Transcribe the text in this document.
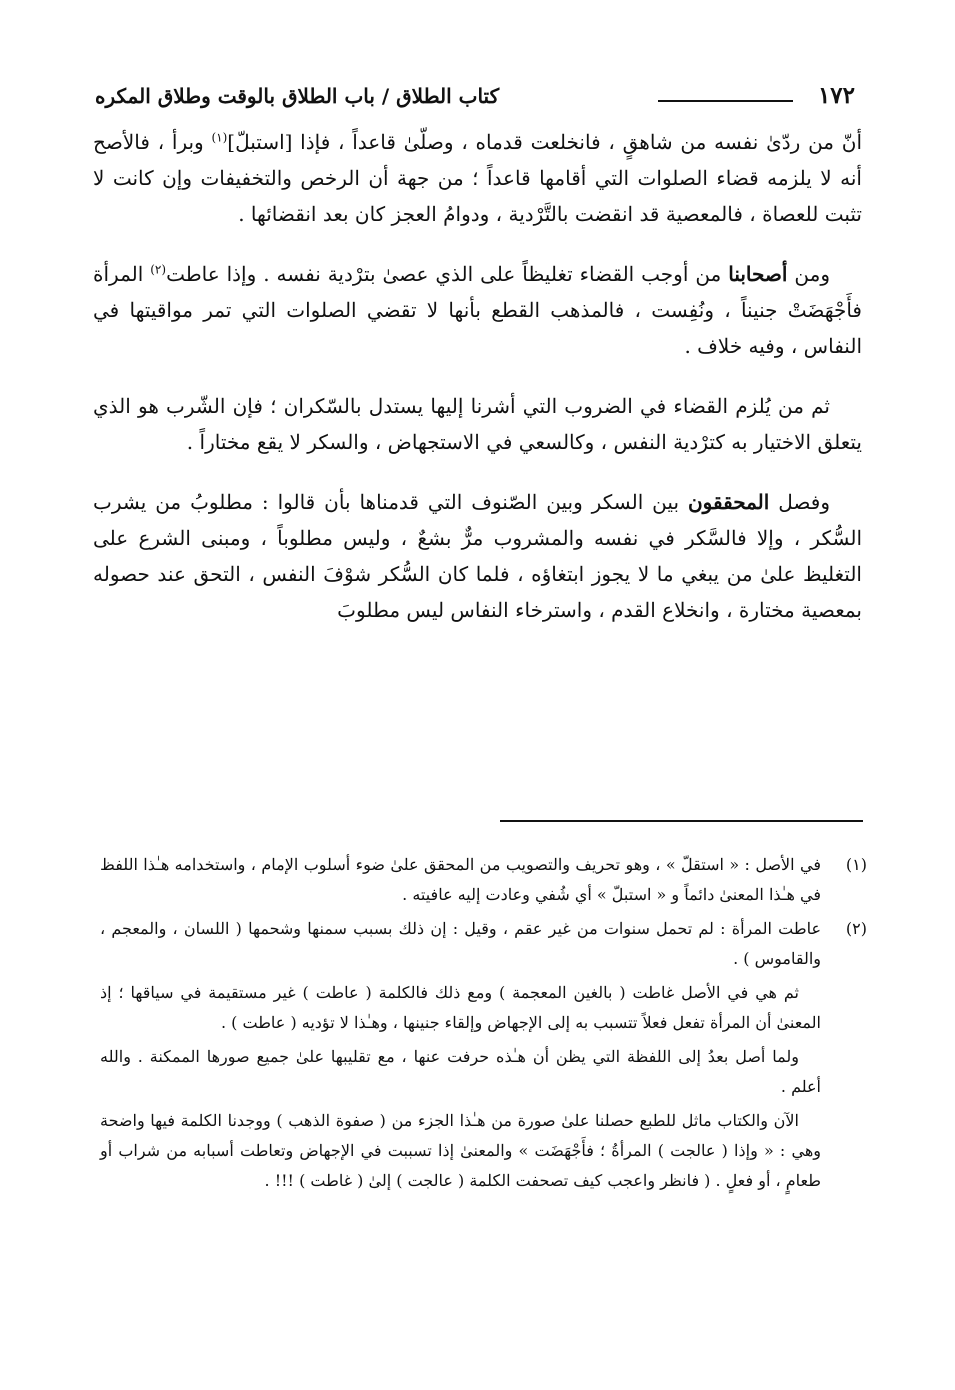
١٧٢
كتاب الطلاق / باب الطلاق بالوقت وطلاق المكره

أنّ من ردّىٰ نفسه من شاهقٍ ، فانخلعت قدماه ، وصلّىٰ قاعداً ، فإذا [استبلّ]$^{(١)}$ وبرأ ، فالأصح أنه لا يلزمه قضاء الصلوات التي أقامها قاعداً ؛ من جهة أن الرخص والتخفيفات وإن كانت لا تثبت للعصاة ، فالمعصية قد انقضت بالتَّرْدية ، ودوامُ العجز كان بعد انقضائها .

ومن أصحابنا من أوجب القضاء تغليظاً على الذي عصىٰ بترْدية نفسه . وإذا عاطت$^{(٢)}$ المرأة فأَجْهَضَتْ جنيناً ، ونُفِست ، فالمذهب القطع بأنها لا تقضي الصلوات التي تمر مواقيتها في النفاس ، وفيه خلاف .

ثم من يُلزم القضاء في الضروب التي أشرنا إليها يستدل بالسّكران ؛ فإن الشّرب هو الذي يتعلق الاختيار به كترْدية النفس ، وكالسعي في الاستجهاض ، والسكر لا يقع مختاراً .

وفصل المحققون بين السكر وبين الصّنوف التي قدمناها بأن قالوا : مطلوبُ من يشرب السُّكر ، وإلا فالسَّكر في نفسه والمشروب مرٌّ بشعٌ ، وليس مطلوباً ، ومبنى الشرع على التغليظ علىٰ من يبغي ما لا يجوز ابتغاؤه ، فلما كان السُّكر شوْفَ النفس ، التحق عند حصوله بمعصية مختارة ، وانخلاع القدم ، واسترخاء النفاس ليس مطلوبَ

(١)

في الأصل : « استقلّ » ، وهو تحريف والتصويب من المحقق علىٰ ضوء أسلوب الإمام ، واستخدامه هـٰذا اللفظ في هـٰذا المعنىٰ دائماً و « استبلّ » أي شُفي وعادت إليه عافيته .

(٢)

عاطت المرأة : لم تحمل سنوات من غير عقم ، وقيل : إن ذلك بسبب سمنها وشحمها ( اللسان ، والمعجم ، والقاموس ) .

ثم هي في الأصل غاطت ( بالغين المعجمة ) ومع ذلك فالكلمة ( عاطت ) غير مستقيمة في سياقها ؛ إذ المعنىٰ أن المرأة تفعل فعلاً تتسبب به إلى الإجهاض وإلقاء جنينها ، وهـٰذا لا تؤديه ( عاطت ) .

ولما أصل بعدُ إلى اللفظة التي يظن أن هـٰذه حرفت عنها ، مع تقليبها علىٰ جميع صورها الممكنة . والله أعلم .

الآن والكتاب ماثل للطبع حصلنا علىٰ صورة من هـٰذا الجزء من ( صفوة الذهب ) ووجدنا الكلمة فيها واضحة وهي : « وإذا ( عالجت ) المرأةُ ؛ فأَجْهَضَت » والمعنىٰ إذا تسببت في الإجهاض وتعاطت أسبابه من شراب أو طعامٍ ، أو فعلٍ . ( فانظر واعجب كيف تصحفت الكلمة ( عالجت ) إلىٰ ( غاطت ) !!! .
